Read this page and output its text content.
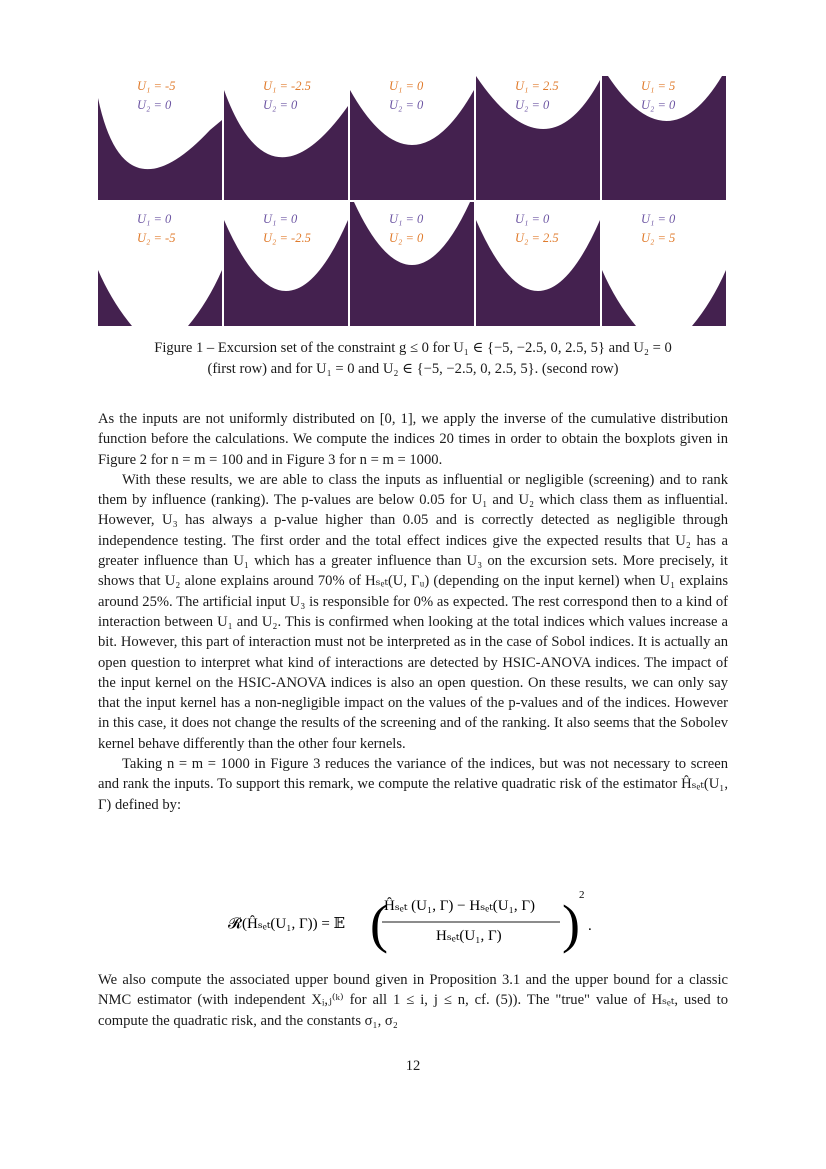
U₁ = -5
U₂ = 0
U₁ = -2.5
U₂ = 0
U₁ = 0
U₂ = 0
U₁ = 2.5
U₂ = 0
U₁ = 5
U₂ = 0
U₁ = 0
U₂ = -5
U₁ = 0
U₂ = -2.5
U₁ = 0
U₂ = 0
U₁ = 0
U₂ = 2.5
U₁ = 0
U₂ = 5
Figure 1 – Excursion set of the constraint g ≤ 0 for U₁ ∈ {−5, −2.5, 0, 2.5, 5} and U₂ = 0
(first row) and for U₁ = 0 and U₂ ∈ {−5, −2.5, 0, 2.5, 5}. (second row)

As the inputs are not uniformly distributed on [0, 1], we apply the inverse of the cumulative distribution function before the calculations. We compute the indices 20 times in order to obtain the boxplots given in Figure 2 for n = m = 100 and in Figure 3 for n = m = 1000.

With these results, we are able to class the inputs as influential or negligible (screening) and to rank them by influence (ranking). The p-values are below 0.05 for U₁ and U₂ which class them as influential. However, U₃ has always a p-value higher than 0.05 and is correctly detected as negligible through independence testing. The first order and the total effect indices give the expected results that U₂ has a greater influence than U₁ which has a greater influence than U₃ on the excursion sets. More precisely, it shows that U₂ alone explains around 70% of Hₛₑₜ(U, Γᵤ) (depending on the input kernel) when U₁ explains around 25%. The artificial input U₃ is responsible for 0% as expected. The rest correspond then to a kind of interaction between U₁ and U₂. This is confirmed when looking at the total indices which values increase a bit. However, this part of interaction must not be interpreted as in the case of Sobol indices. It is actually an open question to interpret what kind of interactions are detected by HSIC-ANOVA indices. The impact of the input kernel on the HSIC-ANOVA indices is also an open question. On these results, we can only say that the input kernel has a non-negligible impact on the values of the p-values and of the indices. However in this case, it does not change the results of the screening and of the ranking. It also seems that the Sobolev kernel behave differently than the other four kernels.

Taking n = m = 1000 in Figure 3 reduces the variance of the indices, but was not necessary to screen and rank the inputs. To support this remark, we compute the relative quadratic risk of the estimator Ĥₛₑₜ(U₁, Γ) defined by:

𝓡(Ĥₛₑₜ(U₁, Γ)) = 𝔼 (
Ĥₛₑₜ (U₁, Γ) − Hₛₑₜ(U₁, Γ)
Hₛₑₜ(U₁, Γ) ) 2
.

We also compute the associated upper bound given in Proposition 3.1 and the upper bound for a classic NMC estimator (with independent Xᵢ,ⱼ⁽ᵏ⁾ for all 1 ≤ i, j ≤ n, cf. (5)). The "true" value of Hₛₑₜ, used to compute the quadratic risk, and the constants σ₁, σ₂

12
